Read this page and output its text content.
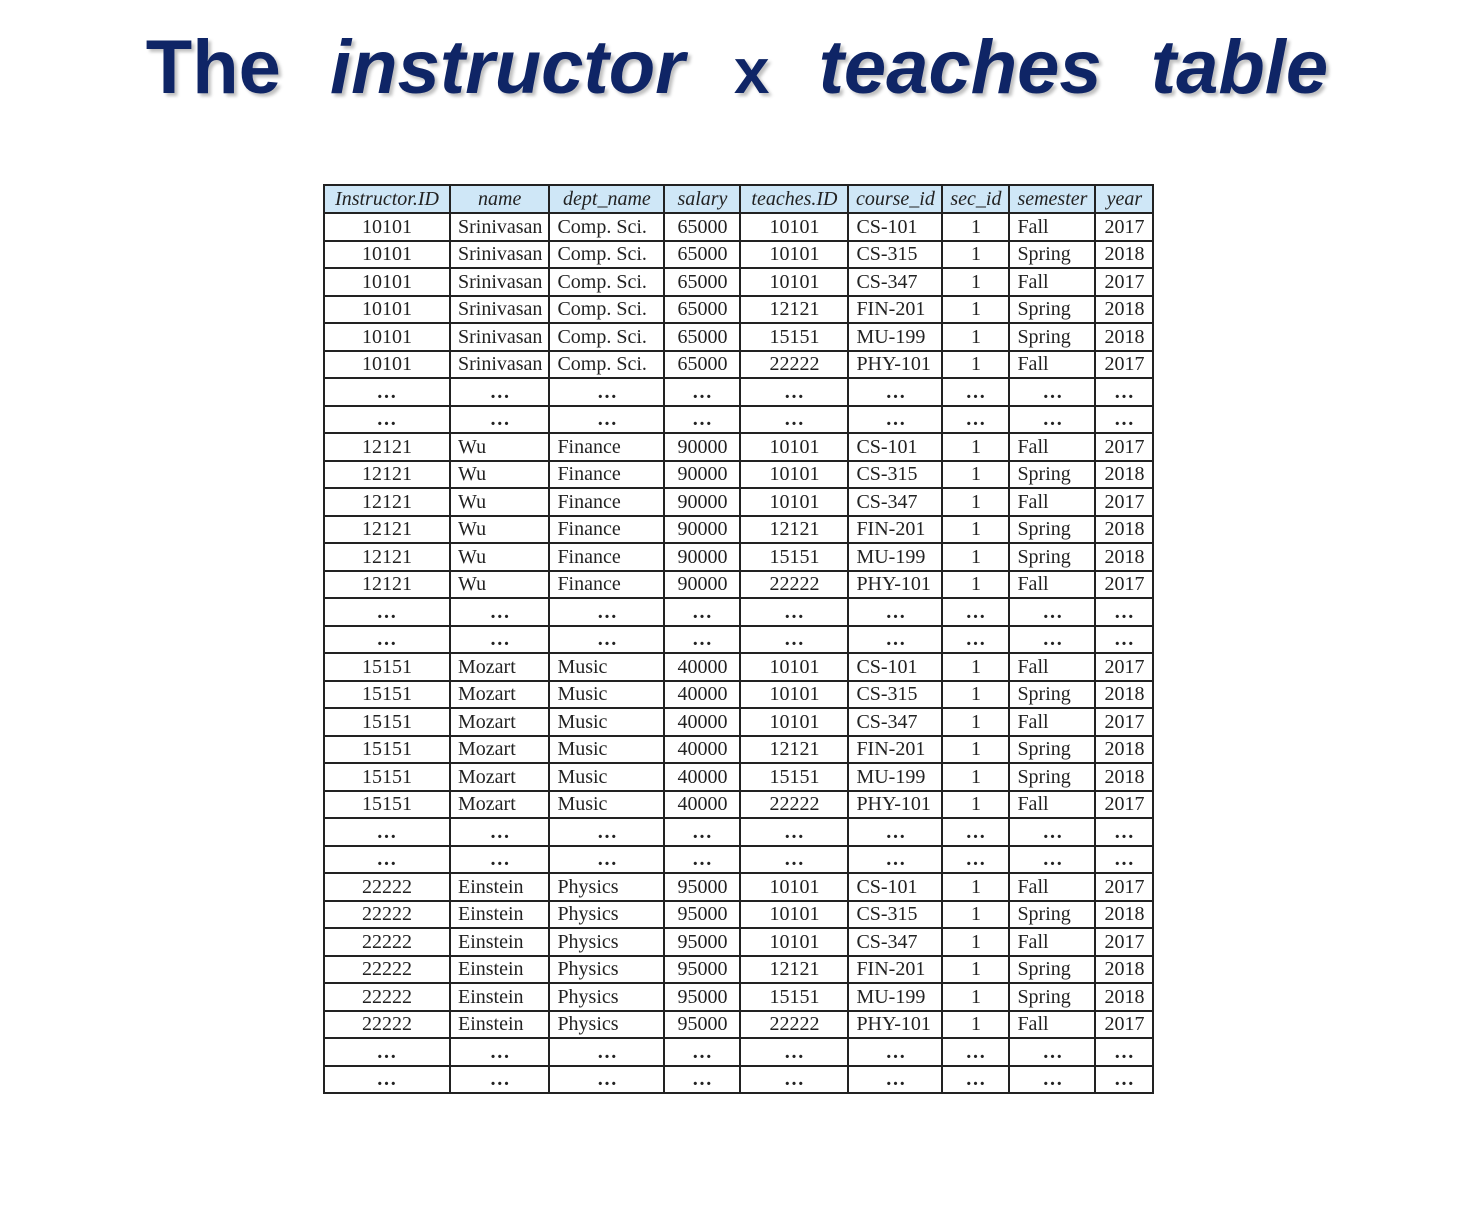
The instructor x teaches table
Instructor.ID	name	dept_name	salary	teaches.ID	course_id	sec_id	semester	year
10101	Srinivasan	Comp. Sci.	65000	10101	CS-101	1	Fall	2017
10101	Srinivasan	Comp. Sci.	65000	10101	CS-315	1	Spring	2018
10101	Srinivasan	Comp. Sci.	65000	10101	CS-347	1	Fall	2017
10101	Srinivasan	Comp. Sci.	65000	12121	FIN-201	1	Spring	2018
10101	Srinivasan	Comp. Sci.	65000	15151	MU-199	1	Spring	2018
10101	Srinivasan	Comp. Sci.	65000	22222	PHY-101	1	Fall	2017
…	…	…	…	…	…	…	…	…
…	…	…	…	…	…	…	…	…
12121	Wu	Finance	90000	10101	CS-101	1	Fall	2017
12121	Wu	Finance	90000	10101	CS-315	1	Spring	2018
12121	Wu	Finance	90000	10101	CS-347	1	Fall	2017
12121	Wu	Finance	90000	12121	FIN-201	1	Spring	2018
12121	Wu	Finance	90000	15151	MU-199	1	Spring	2018
12121	Wu	Finance	90000	22222	PHY-101	1	Fall	2017
…	…	…	…	…	…	…	…	…
…	…	…	…	…	…	…	…	…
15151	Mozart	Music	40000	10101	CS-101	1	Fall	2017
15151	Mozart	Music	40000	10101	CS-315	1	Spring	2018
15151	Mozart	Music	40000	10101	CS-347	1	Fall	2017
15151	Mozart	Music	40000	12121	FIN-201	1	Spring	2018
15151	Mozart	Music	40000	15151	MU-199	1	Spring	2018
15151	Mozart	Music	40000	22222	PHY-101	1	Fall	2017
…	…	…	…	…	…	…	…	…
…	…	…	…	…	…	…	…	…
22222	Einstein	Physics	95000	10101	CS-101	1	Fall	2017
22222	Einstein	Physics	95000	10101	CS-315	1	Spring	2018
22222	Einstein	Physics	95000	10101	CS-347	1	Fall	2017
22222	Einstein	Physics	95000	12121	FIN-201	1	Spring	2018
22222	Einstein	Physics	95000	15151	MU-199	1	Spring	2018
22222	Einstein	Physics	95000	22222	PHY-101	1	Fall	2017
…	…	…	…	…	…	…	…	…
…	…	…	…	…	…	…	…	…
